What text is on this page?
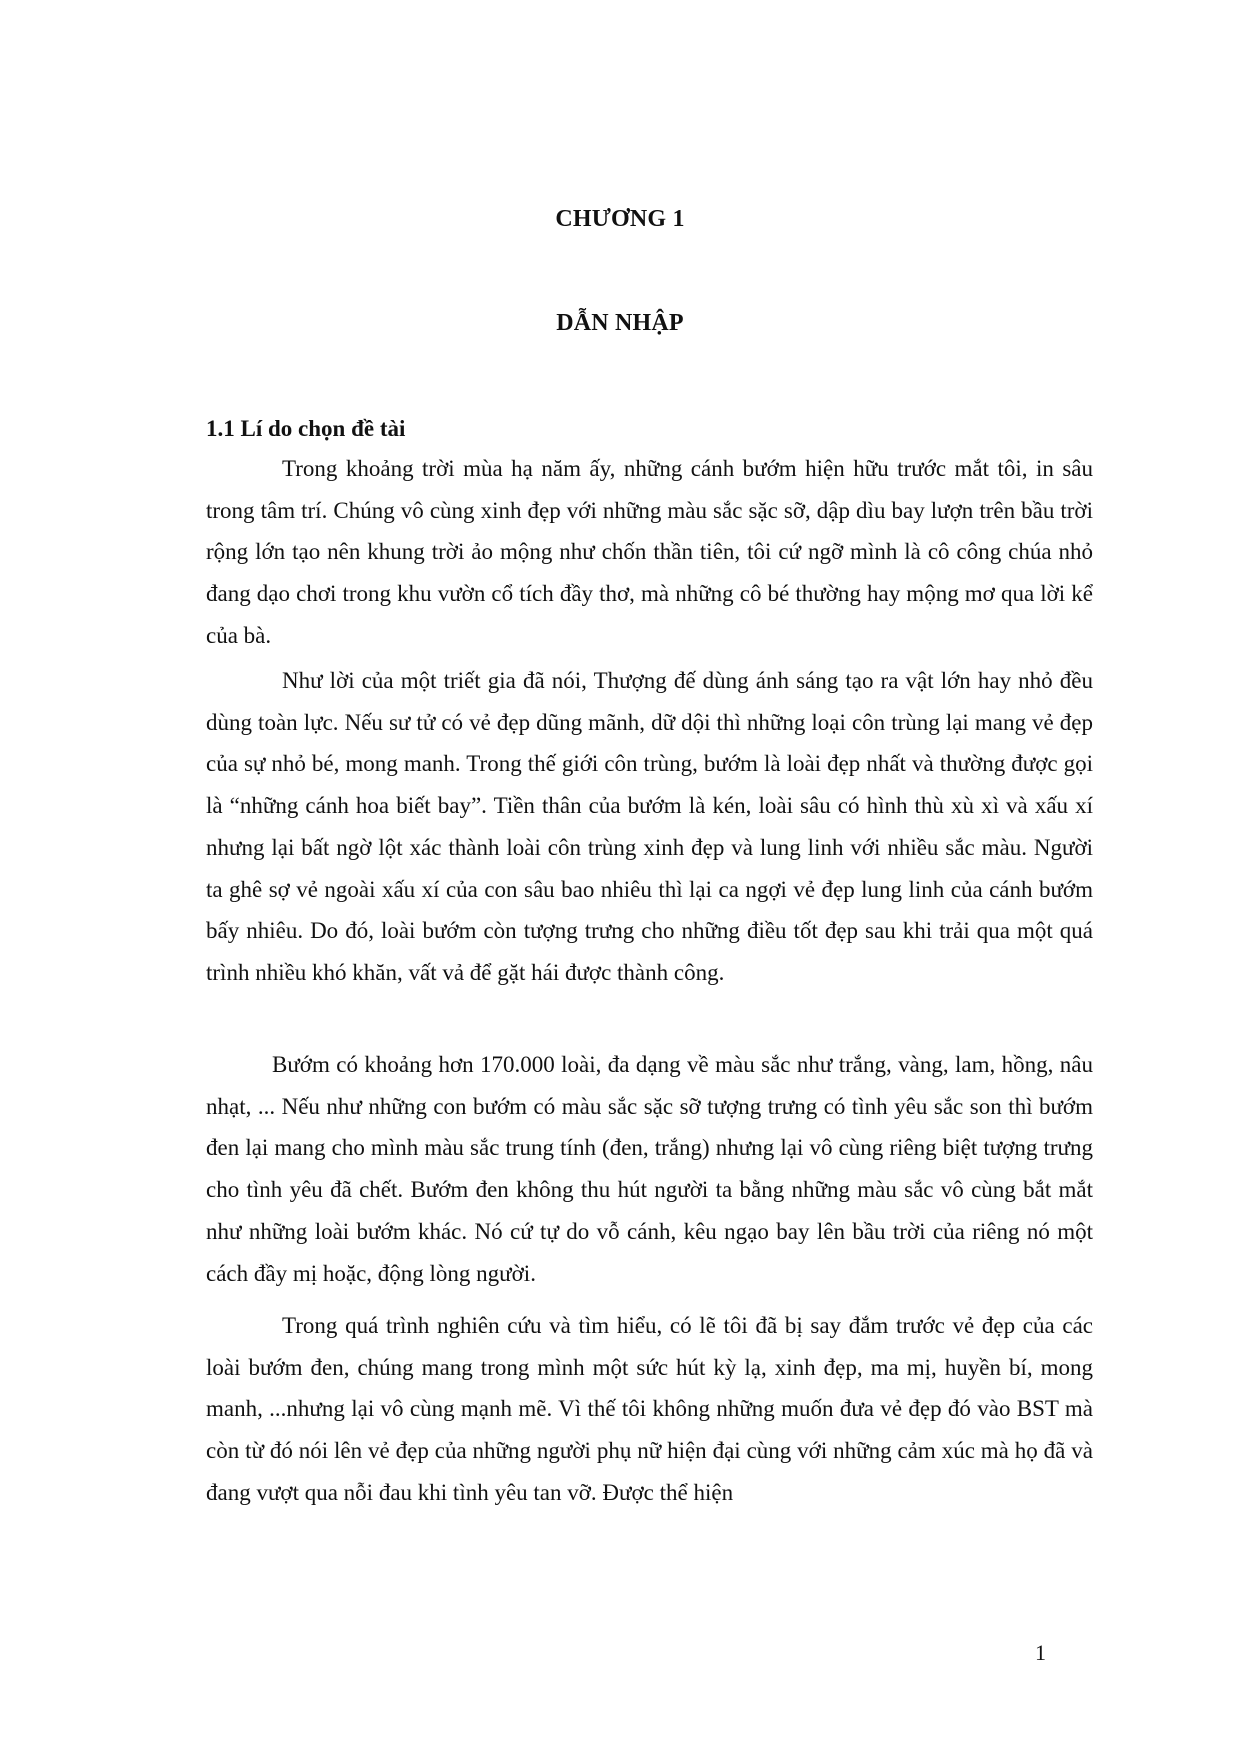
CHƯƠNG 1
DẪN NHẬP
1.1 Lí do chọn đề tài

Trong khoảng trời mùa hạ năm ấy, những cánh bướm hiện hữu trước mắt tôi, in sâu trong tâm trí. Chúng vô cùng xinh đẹp với những màu sắc sặc sỡ, dập dìu bay lượn trên bầu trời rộng lớn tạo nên khung trời ảo mộng như chốn thần tiên, tôi cứ ngỡ mình là cô công chúa nhỏ đang dạo chơi trong khu vườn cổ tích đầy thơ, mà những cô bé thường hay mộng mơ qua lời kể của bà.

Như lời của một triết gia đã nói, Thượng đế dùng ánh sáng tạo ra vật lớn hay nhỏ đều dùng toàn lực. Nếu sư tử có vẻ đẹp dũng mãnh, dữ dội thì những loại côn trùng lại mang vẻ đẹp của sự nhỏ bé, mong manh. Trong thế giới côn trùng, bướm là loài đẹp nhất và thường được gọi là “những cánh hoa biết bay”. Tiền thân của bướm là kén, loài sâu có hình thù xù xì và xấu xí nhưng lại bất ngờ lột xác thành loài côn trùng xinh đẹp và lung linh với nhiều sắc màu. Người ta ghê sợ vẻ ngoài xấu xí của con sâu bao nhiêu thì lại ca ngợi vẻ đẹp lung linh của cánh bướm bấy nhiêu. Do đó, loài bướm còn tượng trưng cho những điều tốt đẹp sau khi trải qua một quá trình nhiều khó khăn, vất vả để gặt hái được thành công.

Bướm có khoảng hơn 170.000 loài, đa dạng về màu sắc như trắng, vàng, lam, hồng, nâu nhạt, ... Nếu như những con bướm có màu sắc sặc sỡ tượng trưng có tình yêu sắc son thì bướm đen lại mang cho mình màu sắc trung tính (đen, trắng) nhưng lại vô cùng riêng biệt tượng trưng cho tình yêu đã chết. Bướm đen không thu hút người ta bằng những màu sắc vô cùng bắt mắt như những loài bướm khác. Nó cứ tự do vỗ cánh, kêu ngạo bay lên bầu trời của riêng nó một cách đầy mị hoặc, động lòng người.

Trong quá trình nghiên cứu và tìm hiểu, có lẽ tôi đã bị say đắm trước vẻ đẹp của các loài bướm đen, chúng mang trong mình một sức hút kỳ lạ, xinh đẹp, ma mị, huyền bí, mong manh, ...nhưng lại vô cùng mạnh mẽ. Vì thế tôi không những muốn đưa vẻ đẹp đó vào BST mà còn từ đó nói lên vẻ đẹp của những người phụ nữ hiện đại cùng với những cảm xúc mà họ đã và đang vượt qua nỗi đau khi tình yêu tan vỡ. Được thể hiện

1
